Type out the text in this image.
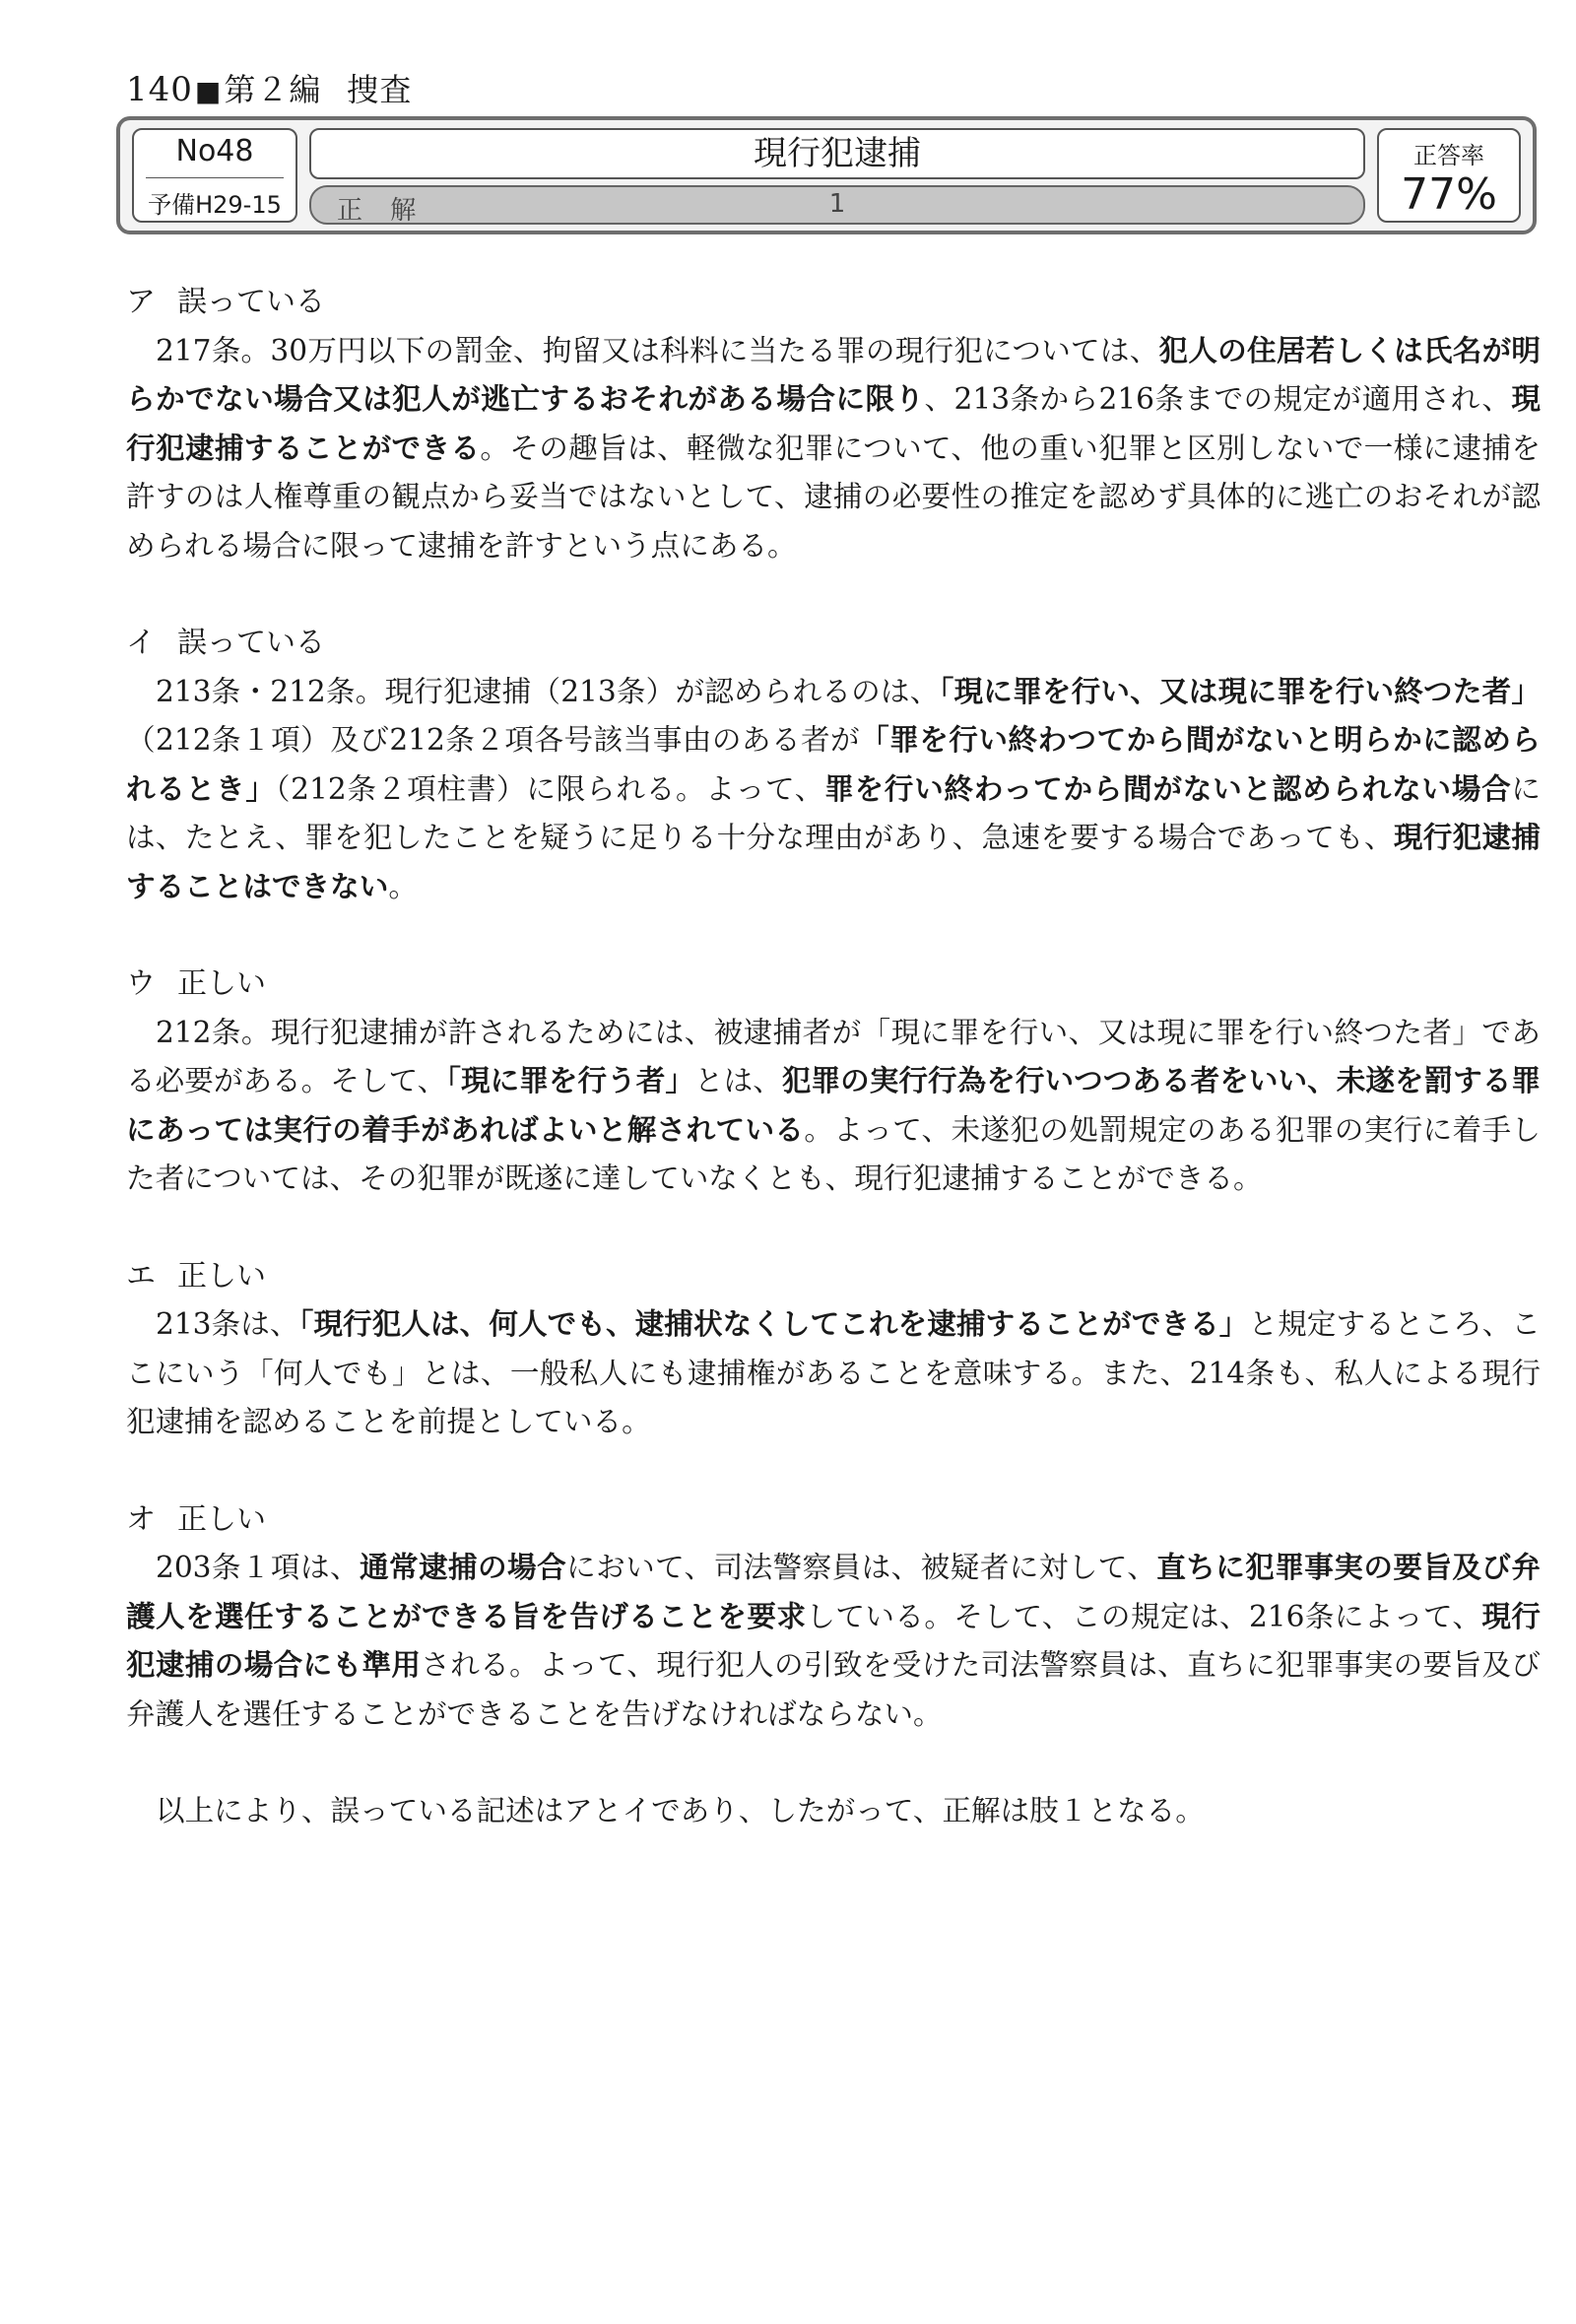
140■第２編 捜査
No48
予備H29-15
現行犯逮捕
正 解	1
正答率
77%
ア 誤っている

217条。30万円以下の罰金、拘留又は科料に当たる罪の現行犯については、犯人の住居若しくは氏名が明らかでない場合又は犯人が逃亡するおそれがある場合に限り、213条から216条までの規定が適用され、現行犯逮捕することができる。その趣旨は、軽微な犯罪について、他の重い犯罪と区別しないで一様に逮捕を許すのは人権尊重の観点から妥当ではないとして、逮捕の必要性の推定を認めず具体的に逃亡のおそれが認められる場合に限って逮捕を許すという点にある。

イ 誤っている

213条・212条。現行犯逮捕（213条）が認められるのは、「現に罪を行い、又は現に罪を行い終つた者」（212条１項）及び212条２項各号該当事由のある者が「罪を行い終わつてから間がないと明らかに認められるとき」（212条２項柱書）に限られる。よって、罪を行い終わってから間がないと認められない場合には、たとえ、罪を犯したことを疑うに足りる十分な理由があり、急速を要する場合であっても、現行犯逮捕することはできない。

ウ 正しい

212条。現行犯逮捕が許されるためには、被逮捕者が「現に罪を行い、又は現に罪を行い終つた者」である必要がある。そして、「現に罪を行う者」とは、犯罪の実行行為を行いつつある者をいい、未遂を罰する罪にあっては実行の着手があればよいと解されている。よって、未遂犯の処罰規定のある犯罪の実行に着手した者については、その犯罪が既遂に達していなくとも、現行犯逮捕することができる。

エ 正しい

213条は、「現行犯人は、何人でも、逮捕状なくしてこれを逮捕することができる」と規定するところ、ここにいう「何人でも」とは、一般私人にも逮捕権があることを意味する。また、214条も、私人による現行犯逮捕を認めることを前提としている。

オ 正しい

203条１項は、通常逮捕の場合において、司法警察員は、被疑者に対して、直ちに犯罪事実の要旨及び弁護人を選任することができる旨を告げることを要求している。そして、この規定は、216条によって、現行犯逮捕の場合にも準用される。よって、現行犯人の引致を受けた司法警察員は、直ちに犯罪事実の要旨及び弁護人を選任することができることを告げなければならない。

以上により、誤っている記述はアとイであり、したがって、正解は肢１となる。
